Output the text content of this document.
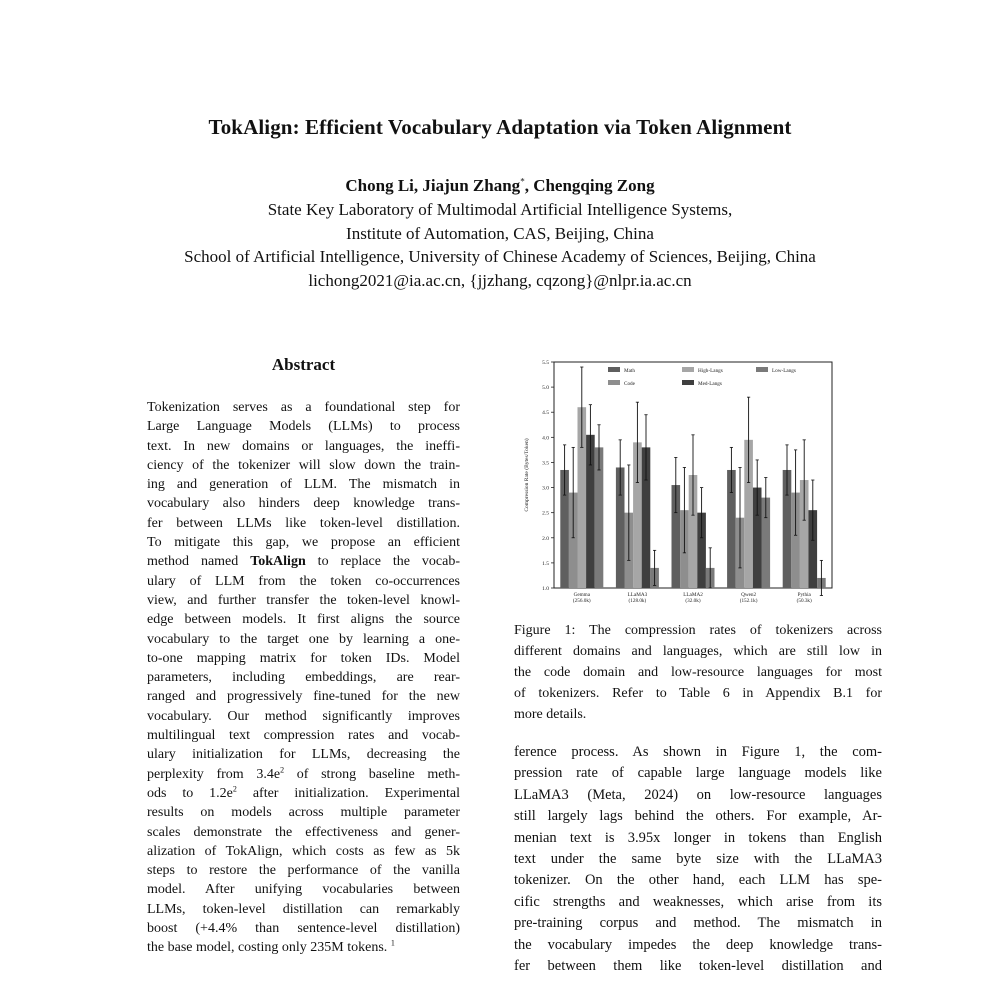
TokAlign: Efficient Vocabulary Adaptation via Token Alignment
Chong Li, Jiajun Zhang*, Chengqing Zong
State Key Laboratory of Multimodal Artificial Intelligence Systems,
Institute of Automation, CAS, Beijing, China
School of Artificial Intelligence, University of Chinese Academy of Sciences, Beijing, China
lichong2021@ia.ac.cn, {jjzhang, cqzong}@nlpr.ia.ac.cn
Abstract
Tokenization serves as a foundational step for
Large Language Models (LLMs) to process
text. In new domains or languages, the ineffi-
ciency of the tokenizer will slow down the train-
ing and generation of LLM. The mismatch in
vocabulary also hinders deep knowledge trans-
fer between LLMs like token-level distillation.
To mitigate this gap, we propose an efficient
method named TokAlign to replace the vocab-
ulary of LLM from the token co-occurrences
view, and further transfer the token-level knowl-
edge between models. It first aligns the source
vocabulary to the target one by learning a one-
to-one mapping matrix for token IDs. Model
parameters, including embeddings, are rear-
ranged and progressively fine-tuned for the new
vocabulary. Our method significantly improves
multilingual text compression rates and vocab-
ulary initialization for LLMs, decreasing the
perplexity from $3.4e^2$ of strong baseline meth-
ods to $1.2e^2$ after initialization. Experimental
results on models across multiple parameter
scales demonstrate the effectiveness and gener-
alization of TokAlign, which costs as few as 5k
steps to restore the performance of the vanilla
model. After unifying vocabularies between
LLMs, token-level distillation can remarkably
boost (+4.4% than sentence-level distillation)
the base model, costing only 235M tokens. $^1$
1.0
1.5
2.0
2.5
3.0
3.5
4.0
4.5
5.0
5.5
Compression Rate (Bytes/Token)
Gemma
(256.0k)
LLaMA3
(128.0k)
LLaMA2
(32.0k)
Qwen2
(152.1k)
Pythia
(50.3k)
Math
Code
High-Langs
Med-Langs
Low-Langs
Figure 1: The compression rates of tokenizers across
different domains and languages, which are still low in
the code domain and low-resource languages for most
of tokenizers. Refer to Table 6 in Appendix B.1 for
more details.
ference process. As shown in Figure 1, the com-
pression rate of capable large language models like
LLaMA3 (Meta, 2024) on low-resource languages
still largely lags behind the others. For example, Ar-
menian text is 3.95x longer in tokens than English
text under the same byte size with the LLaMA3
tokenizer. On the other hand, each LLM has spe-
cific strengths and weaknesses, which arise from its
pre-training corpus and method. The mismatch in
the vocabulary impedes the deep knowledge trans-
fer between them like token-level distillation and
